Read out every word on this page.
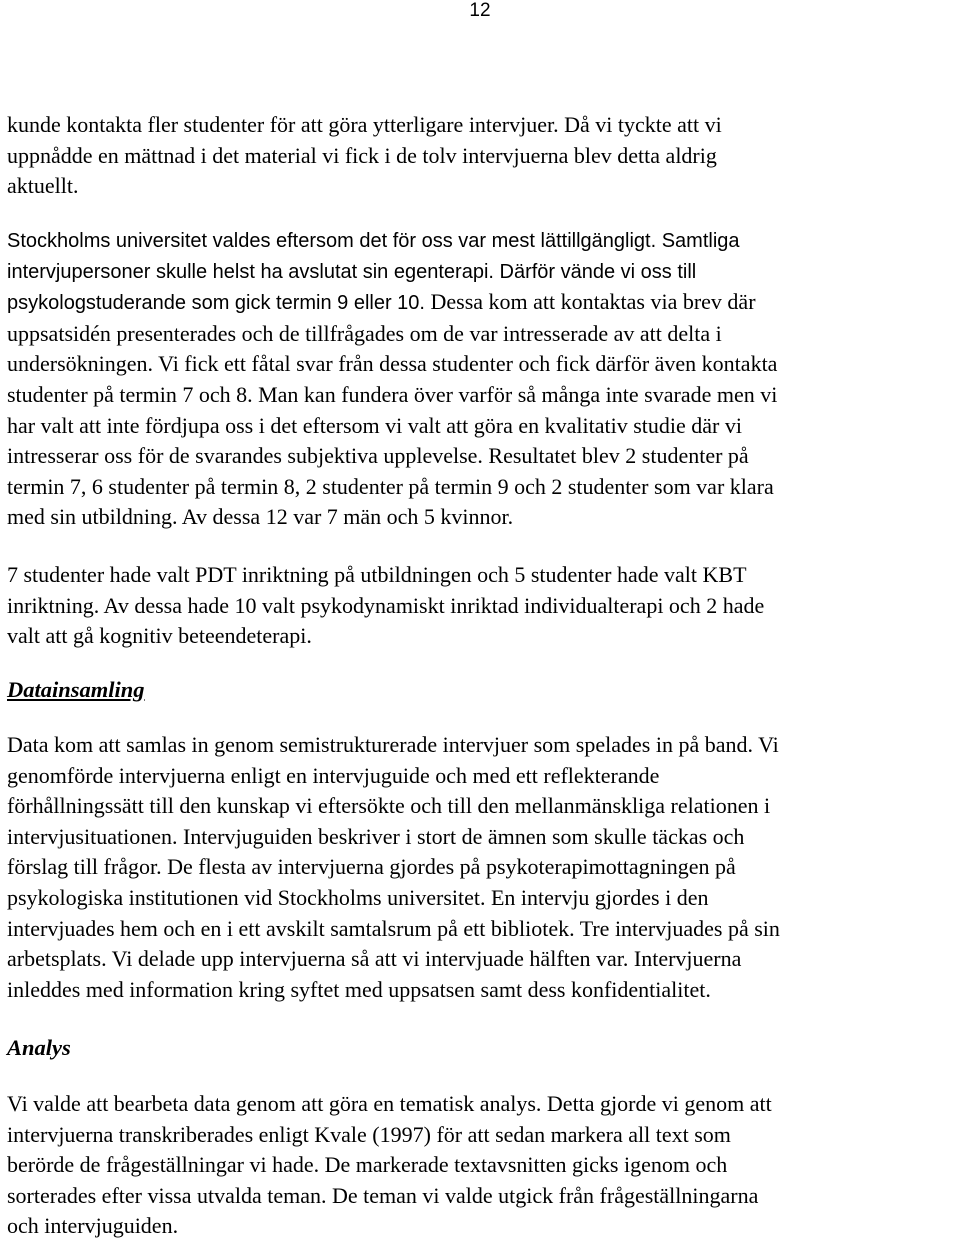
12
kunde kontakta fler studenter för att göra ytterligare intervjuer. Då vi tyckte att vi
uppnådde en mättnad i det material vi fick i de tolv intervjuerna blev detta aldrig
aktuellt.
Stockholms universitet valdes eftersom det för oss var mest lättillgängligt. Samtliga
intervjupersoner skulle helst ha avslutat sin egenterapi. Därför vände vi oss till
psykologstuderande som gick termin 9 eller 10. Dessa kom att kontaktas via brev där
uppsatsidén presenterades och de tillfrågades om de var intresserade av att delta i
undersökningen. Vi fick ett fåtal svar från dessa studenter och fick därför även kontakta
studenter på termin 7 och 8. Man kan fundera över varför så många inte svarade men vi
har valt att inte fördjupa oss i det eftersom vi valt att göra en kvalitativ studie där vi
intresserar oss för de svarandes subjektiva upplevelse. Resultatet blev 2 studenter på
termin 7, 6 studenter på termin 8, 2 studenter på termin 9 och 2 studenter som var klara
med sin utbildning. Av dessa 12 var 7 män och 5 kvinnor.
7 studenter hade valt PDT inriktning på utbildningen och 5 studenter hade valt KBT
inriktning. Av dessa hade 10 valt psykodynamiskt inriktad individualterapi och 2 hade
valt att gå kognitiv beteendeterapi.
Datainsamling
Data kom att samlas in genom semistrukturerade intervjuer som spelades in på band. Vi
genomförde intervjuerna enligt en intervjuguide och med ett reflekterande
förhållningssätt till den kunskap vi eftersökte och till den mellanmänskliga relationen i
intervjusituationen. Intervjuguiden beskriver i stort de ämnen som skulle täckas och
förslag till frågor. De flesta av intervjuerna gjordes på psykoterapimottagningen på
psykologiska institutionen vid Stockholms universitet. En intervju gjordes i den
intervjuades hem och en i ett avskilt samtalsrum på ett bibliotek. Tre intervjuades på sin
arbetsplats. Vi delade upp intervjuerna så att vi intervjuade hälften var. Intervjuerna
inleddes med information kring syftet med uppsatsen samt dess konfidentialitet.
Analys
Vi valde att bearbeta data genom att göra en tematisk analys. Detta gjorde vi genom att
intervjuerna transkriberades enligt Kvale (1997) för att sedan markera all text som
berörde de frågeställningar vi hade. De markerade textavsnitten gicks igenom och
sorterades efter vissa utvalda teman. De teman vi valde utgick från frågeställningarna
och intervjuguiden.
